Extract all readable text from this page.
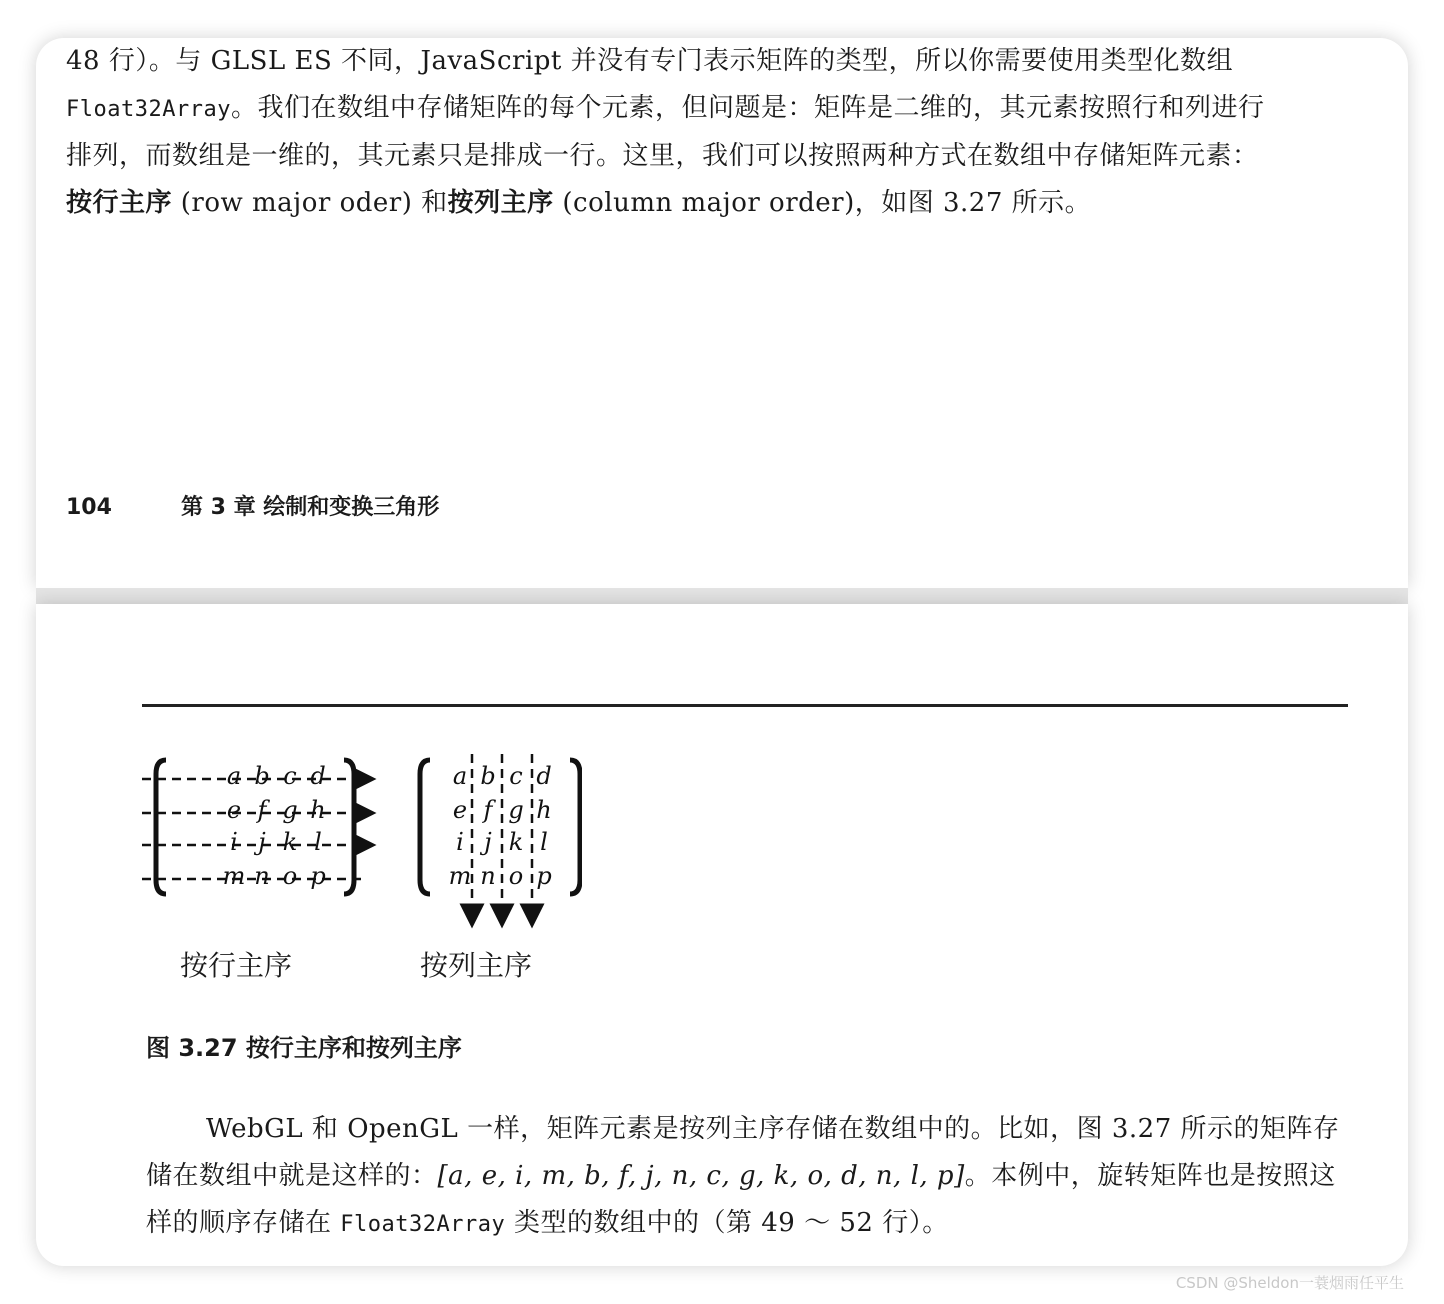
48 行）。与 GLSL ES 不同，JavaScript 并没有专门表示矩阵的类型，所以你需要使用类型化数组 Float32Array。我们在数组中存储矩阵的每个元素，但问题是：矩阵是二维的，其元素按照行和列进行排列，而数组是一维的，其元素只是排成一行。这里，我们可以按照两种方式在数组中存储矩阵元素：按行主序 (row major oder) 和按列主序 (column major order)，如图 3.27 所示。

104	第 3 章 绘制和变换三角形
a b c d
e f g h
i j k l
m n o p
a b c d
e f g h
i j k l
m n o p
按行主序	按列主序
图 3.27 按行主序和按列主序

WebGL 和 OpenGL 一样，矩阵元素是按列主序存储在数组中的。比如，图 3.27 所示的矩阵存储在数组中就是这样的：[a, e, i, m, b, f, j, n, c, g, k, o, d, n, l, p]。本例中，旋转矩阵也是按照这样的顺序存储在 Float32Array 类型的数组中的（第 49 ～ 52 行）。

CSDN @Sheldon一蓑烟雨任平生
